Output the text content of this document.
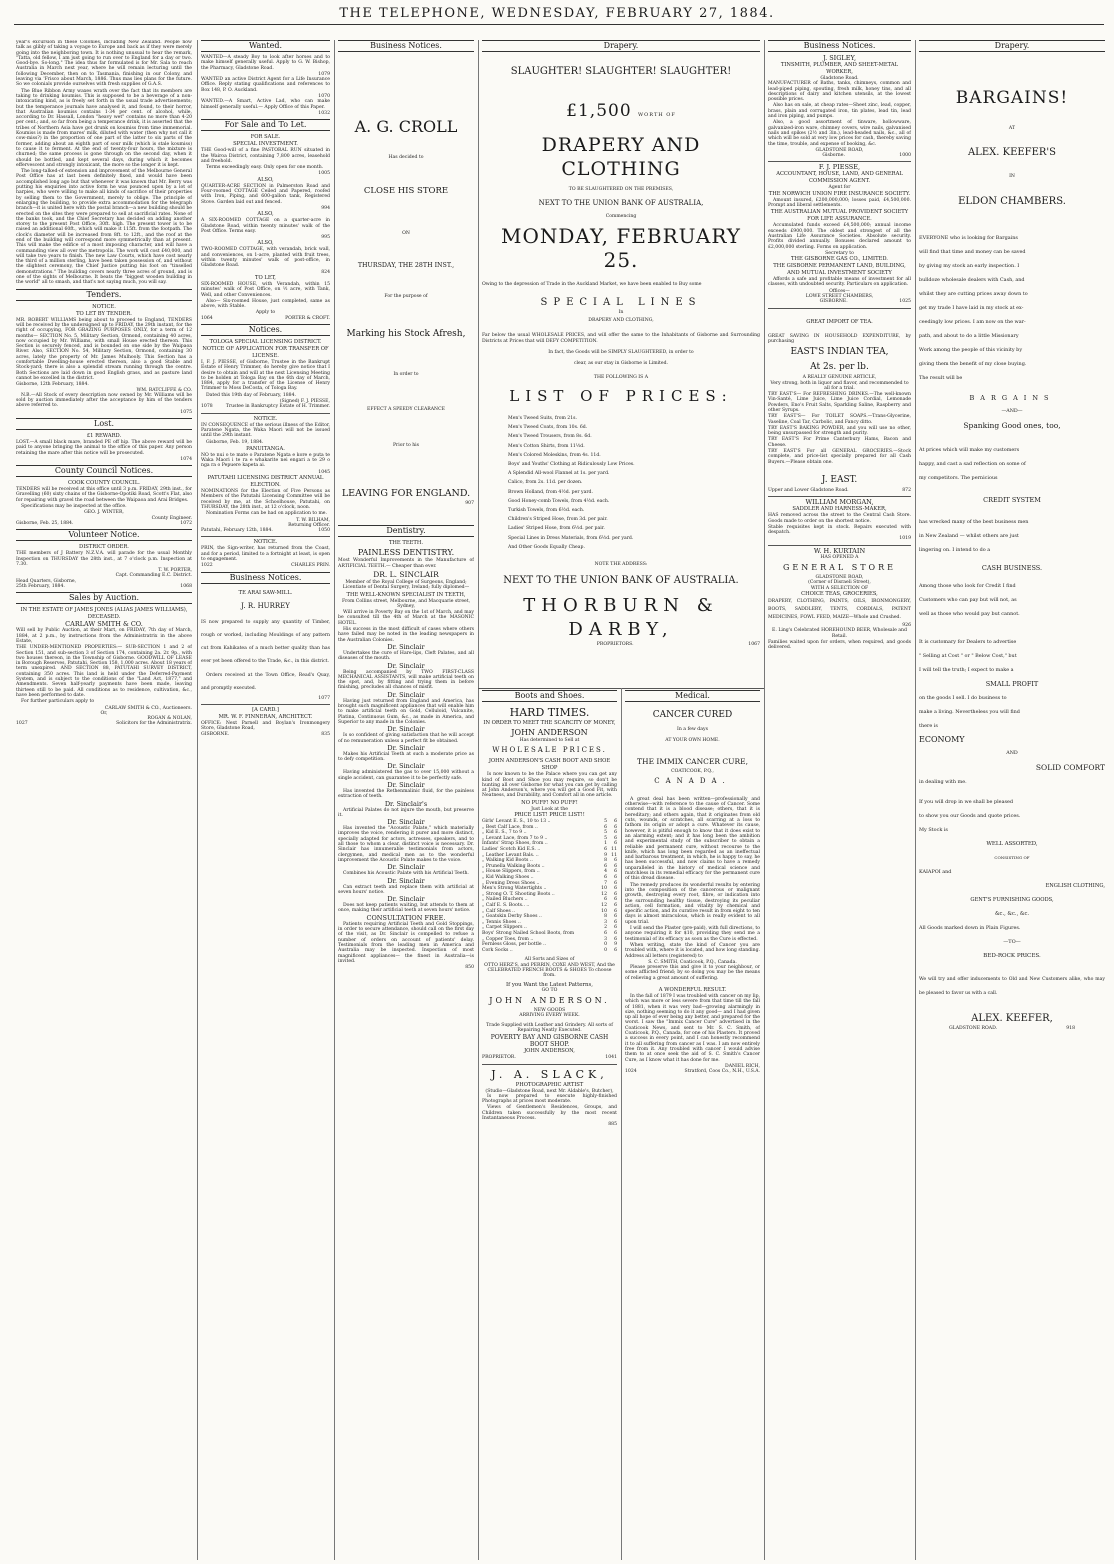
THE TELEPHONE, WEDNESDAY, FEBRUARY 27, 1884.

year's excursion in these Colonies, including New Zealand. People now talk as glibly of taking a voyage to Europe and back as if they were merely going into the neighboring town. It is nothing unusual to hear the remark, "Tatta, old fellow, I am just going to run over to England for a day or two. Good-bye. So-long." The idea thus far formulated is for Mr. Sala to reach Australia in March next year, where he will remain lecturing until the following December, then on to Tasmania, finishing in our Colony, and leaving via 'Frisco about March, 1886. Thus mas lies plans for the future. So we colonials provide ourselves with fresh supplies of G.A.S.

The Blue Ribbon Army waxes wrath over the fact that its members are taking to drinking koumiss. This is supposed to be a beverage of a non-intoxicating kind, as is freely set forth in the usual trade advertisements; but the temperance journals have analysed it, and found, to their horror, that Australian koumiss contains 1·34 per cent. of alcohol, while, according to Dr. Hassall, London "heavy wet" contains no more than 4·20 per cent.; and, so far from being a temperance drink, it is asserted that the tribes of Northern Asia have got drunk on koumiss from time immemorial. Koumiss is made from mares' milk, diluted with water (then why not call it cow-miss?) in the proportion of one part of the latter to six parts of the former, adding about an eighth part of sour milk (which is stale koumiss) to cause it to ferment. At the end of twenty-four hours, the mixture is churned; the same process is gone through on the second day, when it should be bottled, and kept several days, during which it becomes effervescent and strongly intoxicant, the more so the longer it is kept.

The long-talked-of extension and improvement of the Melbourne General Post Office has at last been definitely fixed, and would have been accomplished long ago but that whenever it was known that Mr. Berry was putting his enquiries into active form he was pounced upon by a lot of harpies, who were willing to make all kinds of sacrifice of their properties by selling them to the Government, merely to oblige. The principle of enlarging the building, to provide extra accommodation for the telegraph branch—it is united here with the postal branch—a new building should be erected on the sites they were prepared to sell at sacrificial rates. None of the banks took, and the Chief Secretary has decided on adding another storey to the present Post Office, 30ft. high. The present tower is to be raised an additional 60ft., which will make it 115ft. from the footpath. The clock's diameter will be increased from 8ft. to 12ft., and the roof at the end of the building will correspond more symmetrically than at present. This will make the edifice of a most imposing character, and will have a commanding view all over the metropolis. The work will cost £40,000, and will take two years to finish. The new Law Courts, which have cost nearly the third of a million sterling, have been taken possession of, and without the slightest ceremony, the Chief Justice putting his foot on "tinselled demonstrations." The building covers nearly three acres of ground, and is one of the sights of Melbourne. It beats the "biggest wooden building in the world" all to smash, and that's not saying much, you will say.

Tenders.
NOTICE.
TO LET BY TENDER.

MR. ROBERT WILLIAMS being about to proceed to England, TENDERS will be received by the undersigned up to FRIDAY, the 29th instant, for the right of occupying, FOR GRAZING PURPOSES ONLY, for a term of 12 months— SECTION No. 5, Military Section, Ormond, containing 40 acres, now occupied by Mr. Williams, with small House erected thereon. This Section is securely fenced, and is bounded on one side by the Waipaoa River. Also, SECTION No. 54, Military Section, Ormond, containing 30 acres, lately the property of Mr. James Mulhooly. This Section has a comfortable Dwelling-house erected thereon, also a good Stable and Stock-yard; there is also a splendid stream running through the centre. Both Sections are laid down in good English grass, and as pasture land cannot be excelled in the district.

Gisborne, 12th February, 1884.
WM. RATCLIFFE & CO.

N.B.—All Stock of every description now owned by Mr. Williams will be sold by auction immediately after the acceptance by him of the tenders above referred to.

1075
Lost.
£1 REWARD.

LOST.—A small black mare, branded PE off hip. The above reward will be paid to anyone bringing the animal to the office of this paper. Any person retaining the mare after this notice will be prosecuted.

1074
County Council Notices.
COOK COUNTY COUNCIL.

TENDERS will be received at this office until 3 p.m. FRIDAY, 29th inst., for Gravelling (60) sixty chains of the Gisborne-Opotiki Road, Scott's Flat, also for repairing with gravel the road between the Waipaoa and Arai Bridges.

Specifications may be inspected at the office.

GEO. J. WINTER,
County Engineer.
Gisborne, Feb. 25, 1884.	1072
Volunteer Notice.
DISTRICT ORDER.

THE members of J Battery N.Z.V.A. will parade for the usual Monthly Inspection on THURSDAY the 28th inst., at 7 o'clock p.m. Inspection at 7.30.

T. W. PORTER,
Capt. Commanding E.C. District.
Head Quarters, Gisborne,
25th February, 1884.	1068
Sales by Auction.
IN THE ESTATE OF JAMES JONES (ALIAS JAMES WILLIAMS), DECEASED.
CARLAW SMITH & CO.

Will sell by Public Auction, at their Mart, on FRIDAY, 7th day of March, 1884, at 2 p.m., by instructions from the Administratrix in the above Estate,

THE UNDER-MENTIONED PROPERTIES:— SUB-SECTION 1 and 2 of Section 151, and sub-section 3 of Section 174, containing 2a. 2r. 9p., with two houses thereon, in the Township of Gisborne. GOODWILL OF LEASE in Borough Reserves, Patutahi, Section 158, 1,000 acres. About 18 years of term unexpired. AND SECTION 88, PATUTAHI SURVEY DISTRICT, containing 350 acres. This land is held under the Deferred-Payment System, and is subject to the conditions of the "Land Act, 1877," and Amendments. Seven half-yearly payments have been made, leaving thirteen still to be paid. All conditions as to residence, cultivation, &c., have been performed to date.

For further particulars apply to

CARLAW SMITH & CO., Auctioneers.
Or,
ROGAN & NOLAN,
1027	Solicitors for the Administratrix.
Wanted.

WANTED—A steady Boy to look after horses and to make himself generally useful. Apply to G. W. Bishop, the Pharmacy, Gladstone Road.

1079

WANTED an active District Agent for a Life Insurance Office. Reply stating qualifications and references to Box 148, P. O. Auckland.

1070

WANTED.—A Smart, Active Lad, who can make himself generally useful.— Apply Office of this Paper.

1032
For Sale and To Let.
FOR SALE.
SPECIAL INVESTMENT.

THE Good-will of a fine PASTORAL RUN situated in the Wairoa District, containing 7,800 acres, leasehold and freehold.

Terms exceedingly easy. Only open for one month.

1005
ALSO,

QUARTER-ACRE SECTION in Palmerston Road and Four-roomed COTTAGE Ceiled and Papered, roofed with Iron, Piping, and 600-gallon tank, Registered Stove. Garden laid out and fenced.

994
ALSO,

A SIX-ROOMED COTTAGE on a quarter-acre in Gladstone Road, within twenty minutes' walk of the Post Office. Terms easy.

995
ALSO,

TWO-ROOMED COTTAGE, with verandah, brick wall, and conveniences, on 1-acre, planted with fruit trees, within twenty minutes' walk of post-office, in Gladstone Road.

824
TO LET,

SIX-ROOMED HOUSE, with Verandah, within 15 minutes' walk of Post Office, on ½ acre, with Tank, Well, and other Conveniences.

Also— Six-roomed House, just completed, same as above, with Stable.

Apply to
1064	PORTER & CROFT.
Notices.
TOLOGA SPECIAL LICENSING DISTRICT.
NOTICE OF APPLICATION FOR TRANSFER OF LICENSE.

I, F. J. PIESSE, of Gisborne, Trustee in the Bankrupt Estate of Henry Trimmer, do hereby give notice that I desire to obtain and will at the next Licensing Meeting to be holden at Tologa Bay on the 6th day of March, 1884, apply for a transfer of the License of Henry Trimmer to Moss DeCosta, of Tologa Bay.

Dated this 19th day of February, 1884.

(Signed) F. J. PIESSE,
1078	Trustee in Bankruptcy Estate of H. Trimmer.
NOTICE.

IN CONSEQUENCE of the serious illness of the Editor, Paratene Ngata, the Waka Maori will not be issued until the 29th instant.

Gisborne, Feb. 19, 1884.

PANUITANGA.

NO te nui o te mate o Paratene Ngata e kore e puta te Waka Maori i te ra e whakarite nei engari a te 29 o nga ra o Pepuere kapeta ai.

1045
PATUTAHI LICENSING DISTRICT ANNUAL ELECTION.

NOMINATIONS for the Election of Five Persons as Members of the Patutahi Licensing Committee will be received by me, at the Schoolhouse, Patutahi, on THURSDAY, the 28th inst., at 12 o'clock, noon.

Nomination Forms can be had on application to me.

T. W. BILHAM,
Returning Officer.
Patutahi, February 12th, 1884.	1050
NOTICE.

PRIN, the Sign-writer, has returned from the Coast, and for a period, limited to a fortnight at least, is open to engagement.

1022	CHARLES PRIN.
Business Notices.
TE ARAI SAW-MILL.
J. R. HURREY

IS now prepared to supply any quantity of Timber, rough or worked, including Mouldings of any pattern cut from Kahikatea of a much better quality than has ever yet been offered to the Trade, &c., in this district.

Orders received at the Town Office, Read's Quay, and promptly executed.

1077
[A CARD.]
MR. W. F. FINNERAN, ARCHITECT.

OFFICE: Next Parnell and Boylan's Ironmongery Store, Gladstone Road,

GISBORNE.	835
Business Notices.
A. G. CROLL
Has decided to
CLOSE HIS STORE
ON
THURSDAY, THE 28TH INST.,
For the purpose of
Marking his Stock Afresh,
In order to
EFFECT A SPEEDY CLEARANCE
Prior to his
LEAVING FOR ENGLAND.
907
Dentistry.
THE TEETH.
PAINLESS DENTISTRY.

Most Wonderful Improvements in the Manufacture of ARTIFICIAL TEETH.— Cheaper than ever.

DR. L. SINCLAIR

Member of the Royal College of Surgeons, England; Licentiate of Dental Surgery, Ireland; fully diplomed—

THE WELL-KNOWN SPECIALIST IN TEETH,

From Collins street, Melbourne, and Macquarie street, Sydney,

Will arrive in Poverty Bay on the 1st of March, and may be consulted till the 4th of March at the MASONIC HOTEL.

His success in the most difficult of cases where others have failed may be noted in the leading newspapers in the Australian Colonies.

Dr. Sinclair

Undertakes the cure of Hare-lips, Cleft Palates, and all diseases of the mouth.

Dr. Sinclair

Being accompanied by TWO FIRST-CLASS MECHANICAL ASSISTANTS, will make artificial teeth on the spot, and, by fitting and trying them in before finishing, precludes all chances of misfit.

Dr. Sinclair

Having just returned from England and America, has brought such magnificent appliances that will enable him to make artificial teeth on Gold, Celluloid, Vulcanite, Platina, Continuous Gum, &c., as made in America, and Superior to any made in the Colonies.

Dr. Sinclair

Is so confident of giving satisfaction that he will accept of no remuneration unless a perfect fit be obtained.

Dr. Sinclair

Makes his Artificial Teeth at such a moderate price as to defy competition.

Dr. Sinclair

Having administered the gas to over 15,000 without a single accident, can guarantee it to be perfectly safe.

Dr. Sinclair

Has invented the Rethenmalinic fluid, for the painless extraction of teeth.

Dr. Sinclair's

Artificial Palates do not injure the mouth, but preserve it.

Dr. Sinclair

Has invented the "Acoustic Palate," which materially improves the voice, rendering it purer and more distinct, specially adapted for actors, actresses, speakers, and to all those to whom a clear, distinct voice is necessary. Dr. Sinclair has innumerable testimonials from actors, clergymen, and medical men as to the wonderful improvement the Acoustic Palate makes to the voice.

Dr. Sinclair

Combines his Acoustic Palate with his Artificial Teeth.

Dr. Sinclair

Can extract teeth and replace them with artificial at seven hours' notice.

Dr. Sinclair

Does not keep patients waiting, but attends to them at once, making their artificial teeth at seven hours' notice.

CONSULTATION FREE.

Patients requiring Artificial Teeth and Gold Stoppings, in order to secure attendance, should call on the first day of the visit, as Dr. Sinclair is compelled to refuse a number of orders on account of patients' delay. Testimonials from the leading men in America and Australia may be inspected. Inspection of most magnificent appliances— the finest in Australia—is invited.

850
Drapery.
SLAUGHTER! SLAUGHTER! SLAUGHTER!
£1,500 WORTH OF
DRAPERY AND CLOTHING
TO BE SLAUGHTERED ON THE PREMISES,
NEXT TO THE UNION BANK OF AUSTRALIA,
Commencing
MONDAY, FEBRUARY 25.

Owing to the depression of Trade in the Auckland Market, we have been enabled to Buy some

SPECIAL LINES
In
DRAPERY AND CLOTHING,

Far below the usual WHOLESALE PRICES, and will offer the same to the Inhabitants of Gisborne and Surrounding Districts at Prices that will DEFY COMPETITION.

In fact, the Goods will be SIMPLY SLAUGHTERED, in order to
clear, as our stay in Gisborne is Limited.
THE FOLLOWING IS A
LIST OF PRICES:
Men's Tweed Suits, from 21s.
Men's Tweed Coats, from 10s. 6d.
Men's Tweed Trousers, from 8s. 6d.
Men's Cotton Shirts, from 11½d.
Men's Colored Moleskins, from 4s. 11d.
Boys' and Youths' Clothing at Ridiculously Low Prices.
A Splendid All-wool Flannel at 1s. per yard.
Calico, from 2s. 11d. per dozen.
Brown Holland, from 4½d. per yard.
Good Honey-comb Towels, from 4½d. each.
Turkish Towels, from 6½d. each.
Children's Striped Hose, from 3d. per pair.
Ladies' Striped Hose, from 6½d. per pair.
Special Lines in Dress Materials, from 6½d. per yard.
And Other Goods Equally Cheap.
NOTE THE ADDRESS:
NEXT TO THE UNION BANK OF AUSTRALIA.
THORBURN & DARBY,
PROPRIETORS.	1067
Boots and Shoes.
HARD TIMES.
IN ORDER TO MEET THE SCARCITY OF MONEY,
JOHN ANDERSON
Has determined to Sell at
WHOLESALE PRICES.
JOHN ANDERSON'S CASH BOOT AND SHOE SHOP

Is now known to be the Palace where you can get any kind of Boot and Shoe you may require, so don't be hunting all over Gisborne for what you can get by calling at John Anderson's, where you will get a Good Fit, with Neatness, and Durability, and Comfort all in one article.

NO PUFF! NO PUFF!
Just Look at the
PRICE LIST! PRICE LIST!!
Girls' Levant E. S., 10 to 13 ..	5	6
„ Best Calf Lace, from ..	6	6
„ Kid E. S., 7 to 9 ..	5	6
„ Levant Lace, from 7 to 9 ..	5	6
Infants' Strap Shoes, from ..	1	6
Ladies' Scotch Kid E.S. ..	6 11
„ Leather Levant Bals. ..	9 11
„ Walking Kid Boots ..	8	6
„ Prunella Walking Boots ..	6	6
„ House Slippers, from ..	4	6
„ Kid Walking Shoes ..	6	6
„ Evening Dress Shoes ..	7	6
Men's Strong Watertights ..	10	6
„ Strong O. T. Shooting Boots ..	12	6
„ Nailed Bluchers ..	6	6
„ Calf E. S. Boots.. ..	12	6
„ Calf Shoes ..	10	6
„ Goatskin Derby Shoes ..	8	6
„ Tennis Shoes ..	3	6
„ Carpet Slippers ..	2	6
Boys' Strong Nailed School Boots, from	6	6
„ Copper Toes, from ..	3	6
Fernless Gloss, per bottle ..	0	9
Cork Socks ..	0	6
All Sorts and Sizes of

OTTO HERZ'S, and PERRIN, COXE AND WEST, And the CELEBRATED FRENCH BOOTS & SHOES To choose from.

If you Want the Latest Patterns,
GO TO
JOHN ANDERSON.
NEW GOODS
ARRIVING EVERY WEEK.

Trade Supplied with Leather and Grindery. All sorts of Repairing Neatly Executed.

POVERTY BAY AND GISBORNE CASH BOOT SHOP.
JOHN ANDERSON,
PROPRIETOR.	1041
J. A. SLACK,
PHOTOGRAPHIC ARTIST
(Studio—Gladstone Road, next Mr. Aldable's, Butcher),

Is now prepared to execute highly-finished Photographs at prices most moderate.

Views of Gentlemen's Residences, Groups, and Children taken successfully by the most recent Instantaneous Process.

885
Medical.
CANCER CURED
In a few days
AT YOUR OWN HOME.
THE IMMIX CANCER CURE,
COATICOOK, P.Q.,
CANADA.

A great deal has been written—professionally and otherwise—with reference to the cause of Cancer. Some contend that it is a blood disease; others, that it is hereditary; and others again, that it originates from old cuts, wounds, or scratches, all scarring at a loss to fathom its origin or adopt a cure. Whatever its cause, however, it is pitiful enough to know that it does exist to an alarming extent; and it has long been the ambition and experimental study of the subscriber to obtain a reliable and permanent cure, without recourse to the knife, which has long been regarded as an ineffectual and barbarous treatment, in which, he is happy to say, he has been successful, and now claims to have a remedy unparalleled in the history of medical science and matchless in its remedial efficacy for the permanent cure of this dread disease.

The remedy produces its wonderful results by entering into the composition of the cancerous or malignant growth, destroying every root, fibre, or indication into the surrounding healthy tissue, destroying its peculiar action, cell formation, and vitality by chemical and specific action, and its curative result in from eight to ten days is almost miraculous, which is really evident to all upon trial.

I will send the Plaster (pre-paid), with full directions, to anyone requiring it for $10, providing they send me a testimonial of its efficacy as soon as the Cure is effected.

When writing, state the kind of Cancer you are troubled with, where it is located, and how long standing. Address all letters (registered) to

S. C. SMITH, Coaticook, P.Q., Canada.

Please preserve this and give it to your neighbour, or some afflicted friend; by so doing you may be the means of relieving a great amount of suffering.

A WONDERFUL RESULT.

In the fall of 1879 I was troubled with cancer on my lip, which was more or less severe from that time till the fall of 1881, when it was very bad—growing alarmingly in size, nothing seeming to do it any good— and I had given up all hope of ever being any better, and prepared for the worst. I saw the "Immix Cancer Cure" advertised in the Coaticook News, and sent to Mr. S. C. Smith, of Coaticook, P.Q., Canada, for one of his Plasters. It proved a success in every point, and I can honestly recommend it to all suffering from cancer as I was. I am now entirely free from it. Any troubled with cancer I would advise them to at once seek the aid of S. C. Smith's Cancer Cure, as I know what it has done for me.

DANIEL RICH,
1024	Stratford, Coos Co., N.H., U.S.A.
Business Notices.
J. SIGLEY,
TINSMITH, PLUMBER, AND SHEET-METAL WORKER,
Gladstone Road.

MANUFACTURER of Baths, tanks, chimneys, common and lead-piped piping, spouting, fresh milk, honey tins, and all descriptions of dairy and kitchen utensils, at the lowest possible prices.

Also has on sale, at cheap rates—Sheet zinc, lead, copper, brass, plain and corrugated iron, tin plates, lead tin, lead and iron piping, and pumps.

Also, a good assortment of tinware, hollowware, galvanized-iron ware, chimney covers, wire nails, galvanised nails and spikes (2½ and 3in.), lead-headed nails, &c., all of which will be sold at very low prices for cash, thereby saving the time, trouble, and expense of booking, &c.

GLADSTONE ROAD,
Gisborne.	1000
F. J. PIESSE,
ACCOUNTANT, HOUSE, LAND, AND GENERAL COMMISSION AGENT.
Agent for
THE NORWICH UNION FIRE INSURANCE SOCIETY.

Amount insured, £200,000,000; losses paid, £4,500,000. Prompt and liberal settlements.

THE AUSTRALIAN MUTUAL PROVIDENT SOCIETY FOR LIFE ASSURANCE.

Accumulated funds exceed £4,500,000; annual income exceeds £900,000. The oldest and strongest of all the Australian Life Assurance Societies. Absolute security. Profits divided annually. Bonuses declared amount to £2,000,000 sterling. Forms on application.

Secretary to
THE GISBORNE GAS CO., LIMITED.
THE GISBORNE PERMANENT LAND, BUILDING, AND MUTUAL INVESTMENT SOCIETY

Affords a safe and profitable means of investment for all classes, with undoubted security. Particulars on application.

Offices—
LOWE STREET CHAMBERS,
GISBORNE.	1025
GREAT IMPORT OF TEA.

GREAT SAVING IN HOUSEHOLD EXPENDITURE, by purchasing

EAST'S INDIAN TEA,
At 2s. per lb.
A REALLY GENUINE ARTICLE,

Very strong, both in liquor and flavor, and recommended to all for a trial.

TRY EAST'S— For REFRESHING DRINKS.—The well-known Vin-Santé, Lime Juice, Lime Juice Cordial, Lemonade Powders, Eno's Fruit Salts, Sparkling Saline, Raspberry and other Syrups.

TRY EAST'S— For TOILET SOAPS.—Trans-Glycerine, Vaseline, Coal Tar, Carbolic, and Fancy ditto.

TRY EAST'S BAKING POWDER, and you will use no other, being unsurpassed for strength and purity.

TRY EAST'S For Prime Canterbury Hams, Bacon and Cheese.

TRY EAST'S For all GENERAL GROCERIES.—Stock complete, and price-list specially prepared for all Cash Buyers.—Please obtain one.

J. EAST.
Upper and Lower Gladstone Road.	872
WILLIAM MORGAN,
SADDLER AND HARNESS-MAKER,

HAS removed across the street to the Central Cash Store. Goods made to order on the shortest notice.

Stable requisites kept in stock. Repairs executed with despatch.

1019
W. H. KURTAIN
HAS OPENED A
GENERAL STORE
GLADSTONE ROAD,
(Corner of Disraeli Street),
WITH A SELECTION OF
CHOICE TEAS, GROCERIES,

DRAPERY, CLOTHING, PAINTS, OILS, IRONMONGERY, BOOTS, SADDLERY, TENTS, CORDIALS, PATENT MEDICINES, FOWL FEED, MAIZE—Whole and Crushed.

926

E. Ling's Celebrated HOREHOUND BEER, Wholesale and Retail.

Families waited upon for orders, when required, and goods delivered.

Drapery.
BARGAINS!
AT
ALEX. KEEFER'S
IN
ELDON CHAMBERS.
EVERYONE who is looking for Bargains
will find that time and money can be saved
by giving my stock an early inspection. I
bulldoze wholesale dealers with Cash, and
whilst they are cutting prices away down to
get my trade I have laid in my stock at ex-
ceedingly low prices. I am now on the war-
path, and about to do a little Missionary
Work among the people of this vicinity by
giving them the benefit of my close buying.
The result will be
BARGAINS
—AND—
Spanking Good ones, too,
At prices which will make my customers
happy, and cast a sad reflection on some of
my competitors. The pernicious
CREDIT SYSTEM
has wrecked many of the best business men
in New Zealand — whilst others are just
lingering on. I intend to do a
CASH BUSINESS.
Among those who look for Credit I find
Customers who can pay but will not, as
well as those who would pay but cannot.

It is customary for Dealers to advertise
" Selling at Cost " or " Below Cost," but
I will tell the truth; I expect to make a
SMALL PROFIT
on the goods I sell. I do business to
make a living. Nevertheless you will find
there is
ECONOMY
AND
SOLID COMFORT
in dealing with me.
If you will drop in we shall be pleased
to show you our Goods and quote prices.
My Stock is
WELL ASSORTED,
CONSISTING OF
KAIAPOI and
ENGLISH CLOTHING,
GENT'S FURNISHING GOODS,
&c., &c., &c.
All Goods marked down in Plain Figures.
—TO—
BED-ROCK PRICES.

We will try and offer inducements to Old and New Customers alike, who may be pleased to favor us with a call.

ALEX. KEEFER,
GLADSTONE ROAD.	918
